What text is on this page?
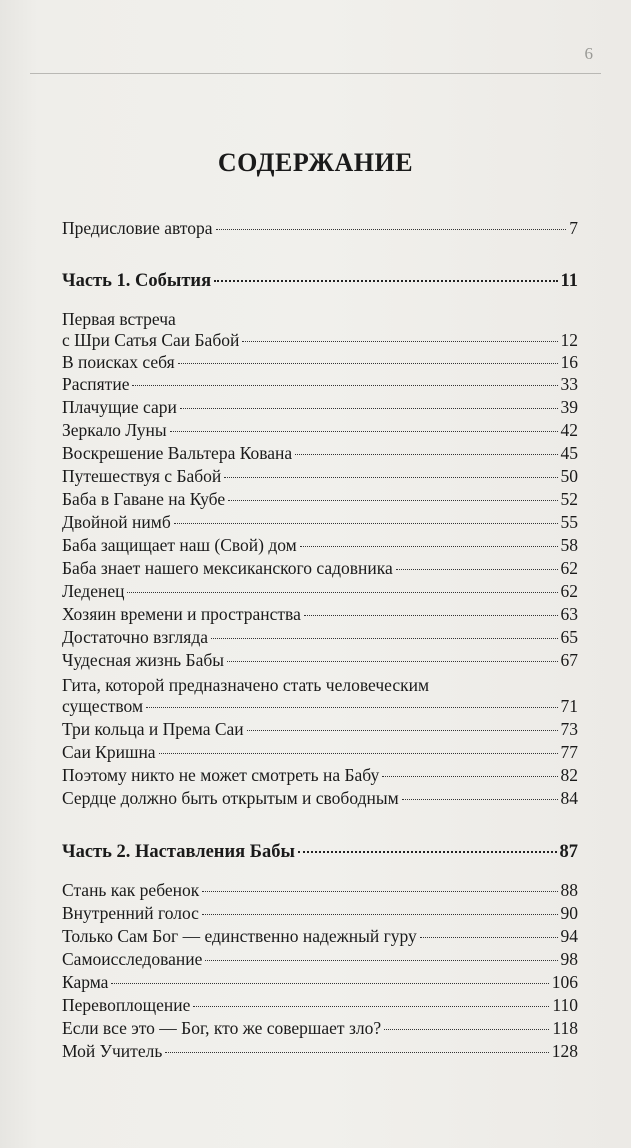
6
СОДЕРЖАНИЕ
Предисловие автора	7
Часть 1. События	11
Первая встреча
с Шри Сатья Саи Бабой	12
В поисках себя	16
Распятие	33
Плачущие сари	39
Зеркало Луны	42
Воскрешение Вальтера Кована	45
Путешествуя с Бабой	50
Баба в Гаване на Кубе	52
Двойной нимб	55
Баба защищает наш (Свой) дом	58
Баба знает нашего мексиканского садовника	62
Леденец	62
Хозяин времени и пространства	63
Достаточно взгляда	65
Чудесная жизнь Бабы	67
Гита, которой предназначено стать человеческим
существом	71
Три кольца и Према Саи	73
Саи Кришна	77
Поэтому никто не может смотреть на Бабу	82
Сердце должно быть открытым и свободным	84
Часть 2. Наставления Бабы	87
Стань как ребенок	88
Внутренний голос	90
Только Сам Бог — единственно надежный гуру	94
Самоисследование	98
Карма	106
Перевоплощение	110
Если все это — Бог, кто же совершает зло?	118
Мой Учитель	128
